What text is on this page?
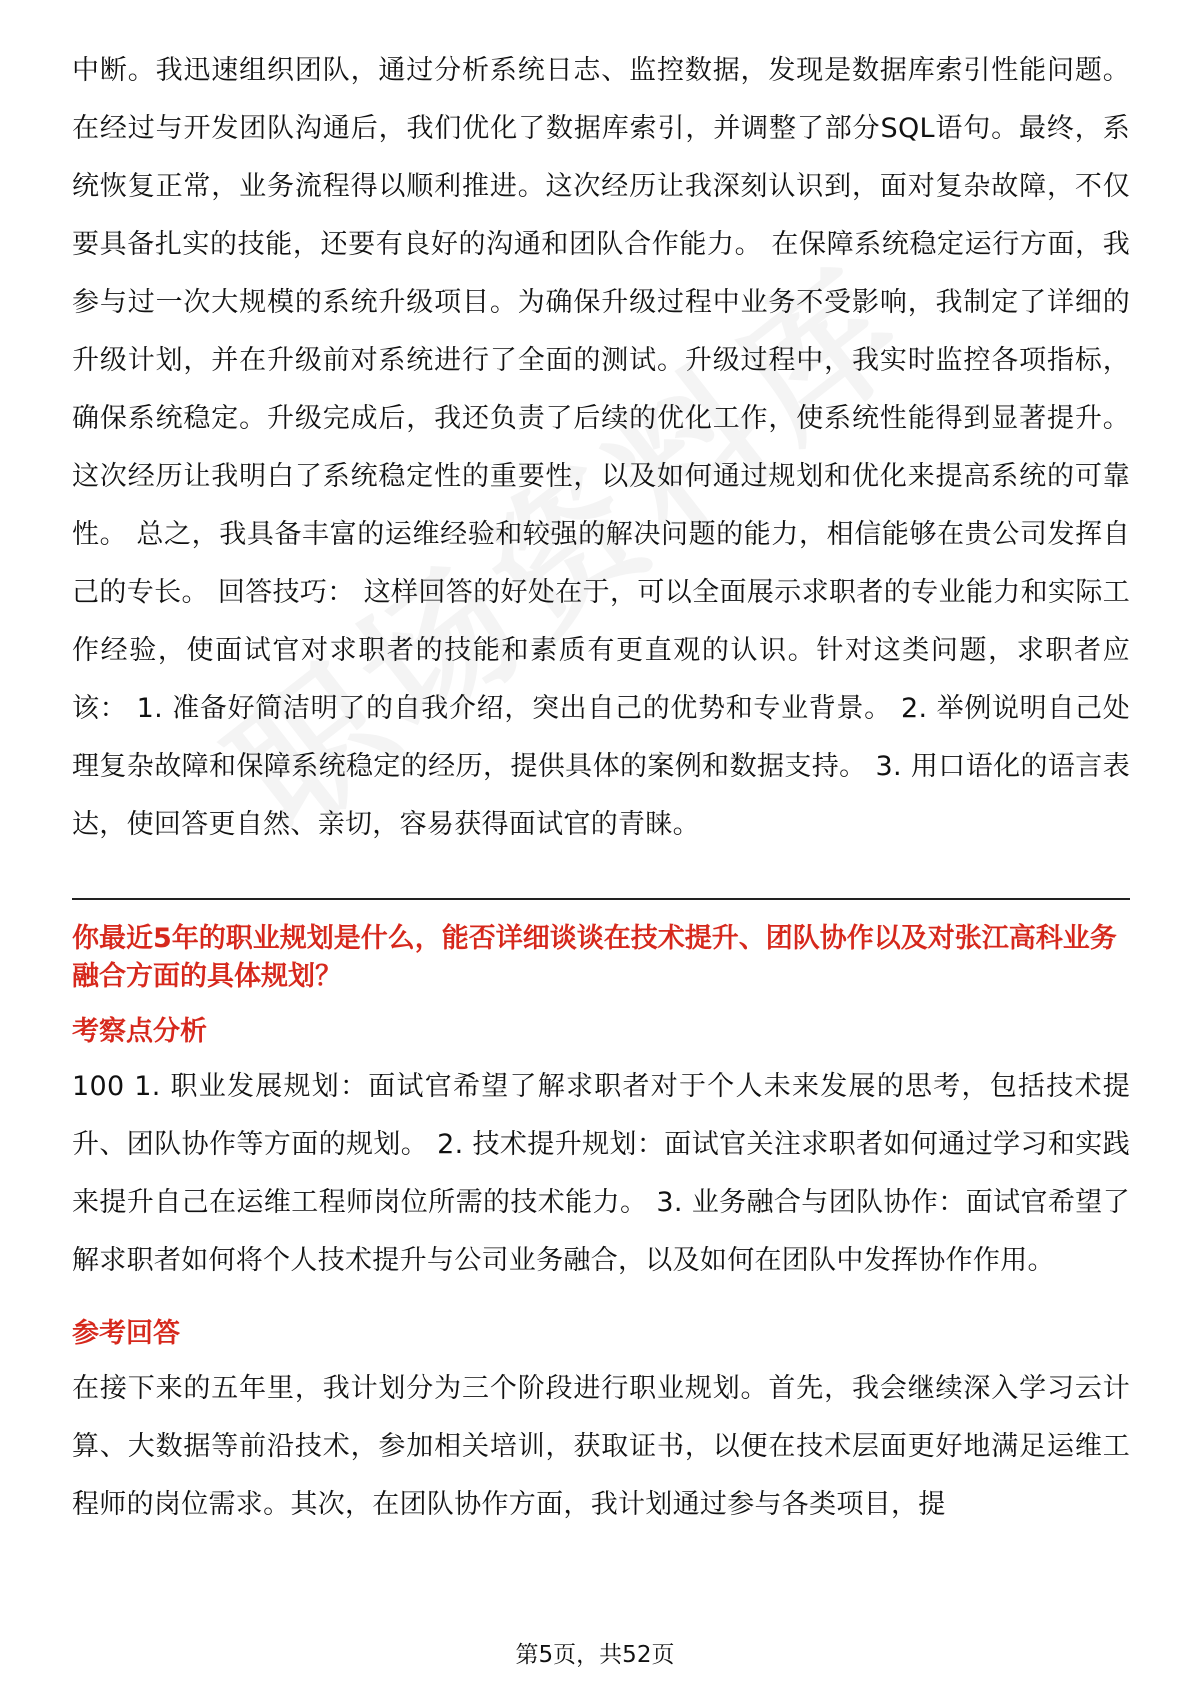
中断。我迅速组织团队，通过分析系统日志、监控数据，发现是数据库索引性能问题。在经过与开发团队沟通后，我们优化了数据库索引，并调整了部分SQL语句。最终，系统恢复正常，业务流程得以顺利推进。这次经历让我深刻认识到，面对复杂故障，不仅要具备扎实的技能，还要有良好的沟通和团队合作能力。 在保障系统稳定运行方面，我参与过一次大规模的系统升级项目。为确保升级过程中业务不受影响，我制定了详细的升级计划，并在升级前对系统进行了全面的测试。升级过程中，我实时监控各项指标，确保系统稳定。升级完成后，我还负责了后续的优化工作，使系统性能得到显著提升。这次经历让我明白了系统稳定性的重要性，以及如何通过规划和优化来提高系统的可靠性。 总之，我具备丰富的运维经验和较强的解决问题的能力，相信能够在贵公司发挥自己的专长。 回答技巧： 这样回答的好处在于，可以全面展示求职者的专业能力和实际工作经验，使面试官对求职者的技能和素质有更直观的认识。针对这类问题，求职者应该： 1. 准备好简洁明了的自我介绍，突出自己的优势和专业背景。 2. 举例说明自己处理复杂故障和保障系统稳定的经历，提供具体的案例和数据支持。 3. 用口语化的语言表达，使回答更自然、亲切，容易获得面试官的青睐。

你最近5年的职业规划是什么，能否详细谈谈在技术提升、团队协作以及对张江高科业务融合方面的具体规划？

考察点分析

100 1. 职业发展规划：面试官希望了解求职者对于个人未来发展的思考，包括技术提升、团队协作等方面的规划。 2. 技术提升规划：面试官关注求职者如何通过学习和实践来提升自己在运维工程师岗位所需的技术能力。 3. 业务融合与团队协作：面试官希望了解求职者如何将个人技术提升与公司业务融合，以及如何在团队中发挥协作作用。

参考回答

在接下来的五年里，我计划分为三个阶段进行职业规划。首先，我会继续深入学习云计算、大数据等前沿技术，参加相关培训，获取证书，以便在技术层面更好地满足运维工程师的岗位需求。其次，在团队协作方面，我计划通过参与各类项目，提

第5页，共52页
